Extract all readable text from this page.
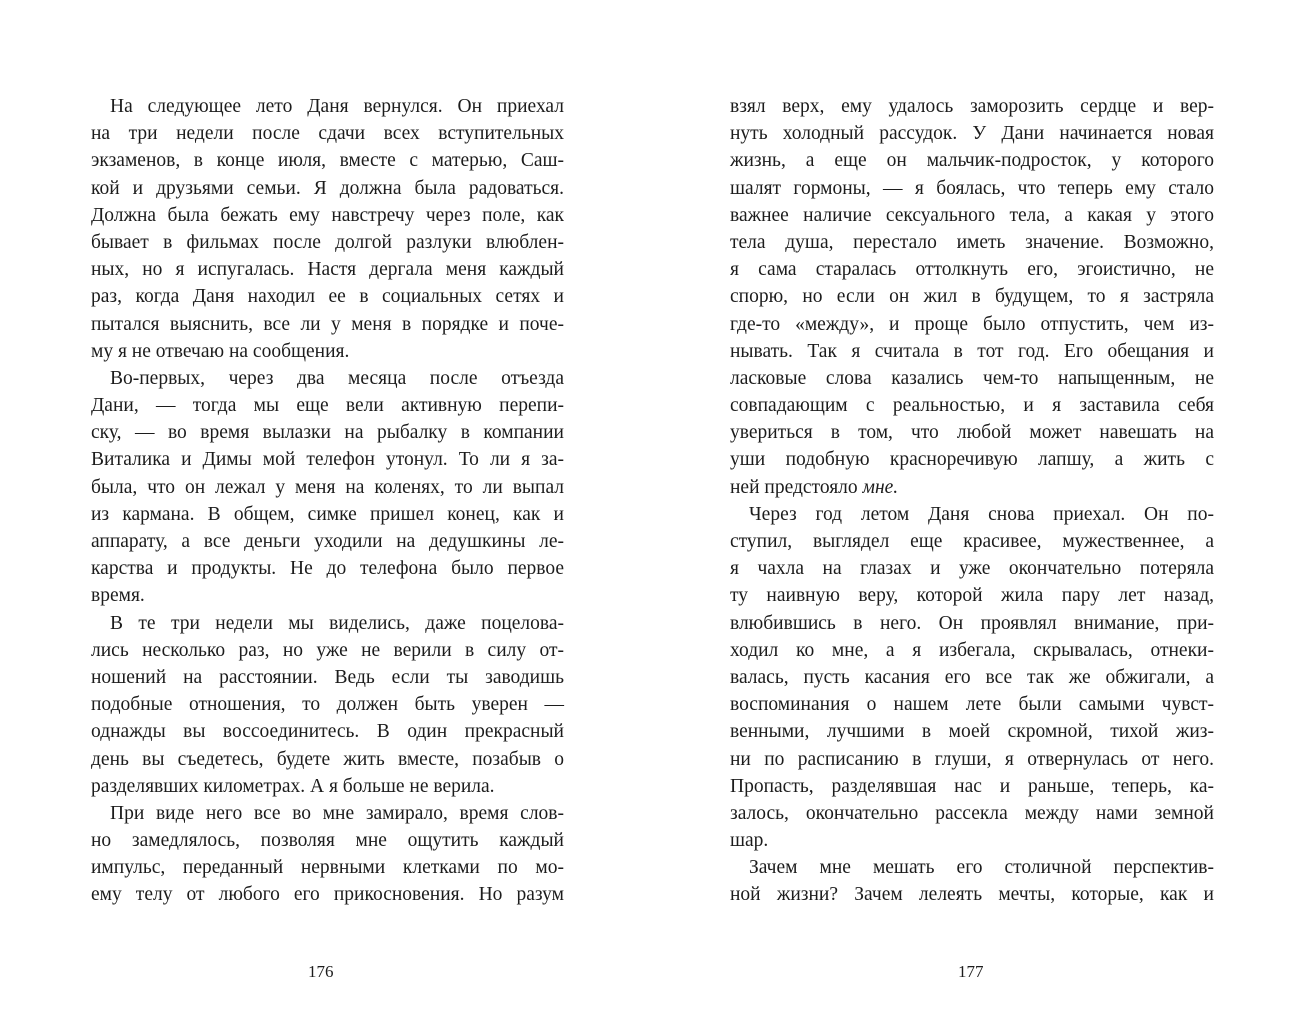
На следующее лето Даня вернулся. Он приехал
на три недели после сдачи всех вступительных
экзаменов, в конце июля, вместе с матерью, Саш-
кой и друзьями семьи. Я должна была радоваться.
Должна была бежать ему навстречу через поле, как
бывает в фильмах после долгой разлуки влюблен-
ных, но я испугалась. Настя дергала меня каждый
раз, когда Даня находил ее в социальных сетях и
пытался выяснить, все ли у меня в порядке и поче-
му я не отвечаю на сообщения.
Во-первых, через два месяца после отъезда
Дани, — тогда мы еще вели активную перепи-
ску, — во время вылазки на рыбалку в компании
Виталика и Димы мой телефон утонул. То ли я за-
была, что он лежал у меня на коленях, то ли выпал
из кармана. В общем, симке пришел конец, как и
аппарату, а все деньги уходили на дедушкины ле-
карства и продукты. Не до телефона было первое
время.
В те три недели мы виделись, даже поцелова-
лись несколько раз, но уже не верили в силу от-
ношений на расстоянии. Ведь если ты заводишь
подобные отношения, то должен быть уверен —
однажды вы воссоединитесь. В один прекрасный
день вы съедетесь, будете жить вместе, позабыв о
разделявших километрах. А я больше не верила.
При виде него все во мне замирало, время слов-
но замедлялось, позволяя мне ощутить каждый
импульс, переданный нервными клетками по мо-
ему телу от любого его прикосновения. Но разум
176
взял верх, ему удалось заморозить сердце и вер-
нуть холодный рассудок. У Дани начинается новая
жизнь, а еще он мальчик-подросток, у которого
шалят гормоны, — я боялась, что теперь ему стало
важнее наличие сексуального тела, а какая у этого
тела душа, перестало иметь значение. Возможно,
я сама старалась оттолкнуть его, эгоистично, не
спорю, но если он жил в будущем, то я застряла
где-то «между», и проще было отпустить, чем из-
нывать. Так я считала в тот год. Его обещания и
ласковые слова казались чем-то напыщенным, не
совпадающим с реальностью, и я заставила себя
увериться в том, что любой может навешать на
уши подобную красноречивую лапшу, а жить с
ней предстояло мне.
Через год летом Даня снова приехал. Он по-
ступил, выглядел еще красивее, мужественнее, а
я чахла на глазах и уже окончательно потеряла
ту наивную веру, которой жила пару лет назад,
влюбившись в него. Он проявлял внимание, при-
ходил ко мне, а я избегала, скрывалась, отнеки-
валась, пусть касания его все так же обжигали, а
воспоминания о нашем лете были самыми чувст-
венными, лучшими в моей скромной, тихой жиз-
ни по расписанию в глуши, я отвернулась от него.
Пропасть, разделявшая нас и раньше, теперь, ка-
залось, окончательно рассекла между нами земной
шар.
Зачем мне мешать его столичной перспектив-
ной жизни? Зачем лелеять мечты, которые, как и
177
